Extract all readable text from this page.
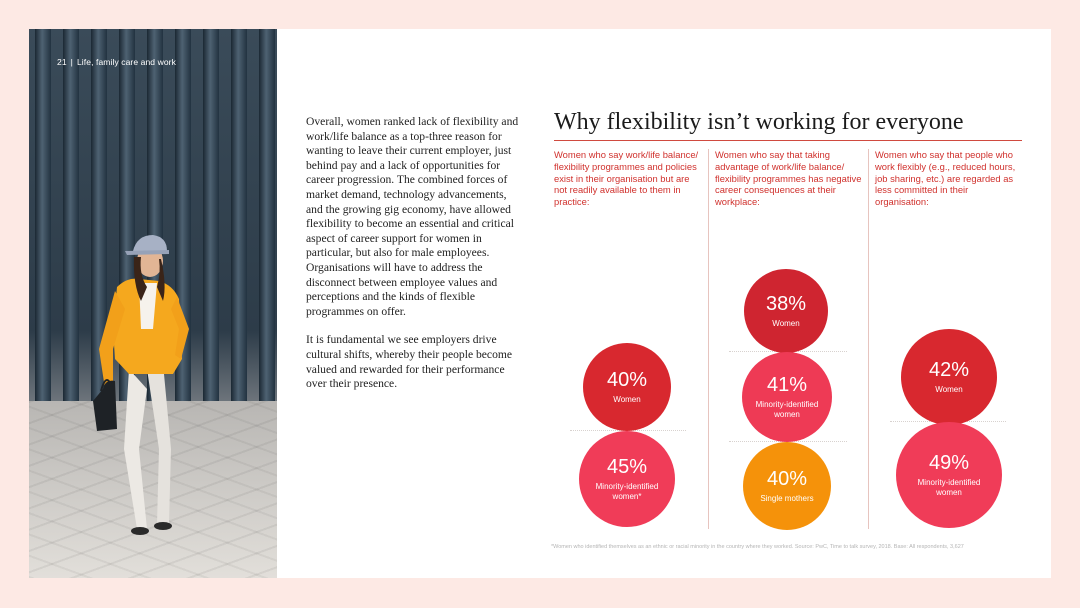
21 | Life, family care and work

Overall, women ranked lack of flexibility and work/life balance as a top-three reason for wanting to leave their current employer, just behind pay and a lack of opportunities for career progression. The combined forces of market demand, technology advancements, and the growing gig economy, have allowed flexibility to become an essential and critical aspect of career support for women in particular, but also for male employees. Organisations will have to address the disconnect between employee values and perceptions and the kinds of flexible programmes on offer.

It is fundamental we see employers drive cultural shifts, whereby their people become valued and rewarded for their performance over their presence.

Why flexibility isn’t working for everyone
Women who say work/life balance/ flexibility programmes and policies exist in their organisation but are not readily available to them in practice:
Women who say that taking advantage of work/life balance/ flexibility programmes has negative career consequences at their workplace:
Women who say that people who work flexibly (e.g., reduced hours, job sharing, etc.) are regarded as less committed in their organisation:
40%
Women
45%
Minority-identified women*
38%
Women
41%
Minority-identified women
40%
Single mothers
42%
Women
49%
Minority-identified women
*Women who identified themselves as an ethnic or racial minority in the country where they worked. Source: PwC, Time to talk survey, 2018. Base: All respondents, 3,627
